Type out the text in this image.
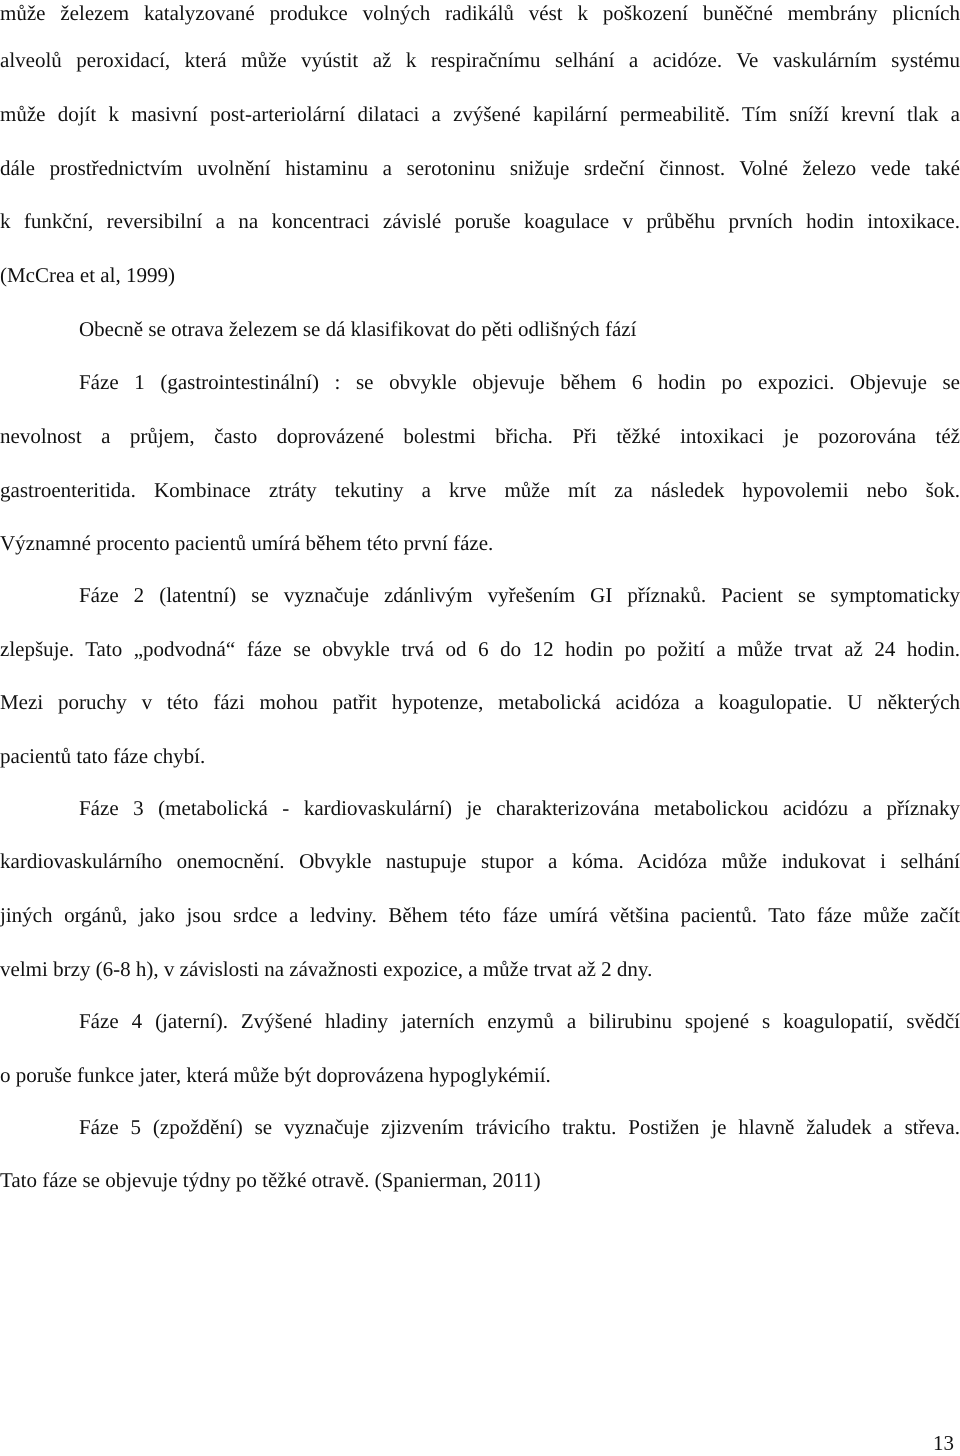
může železem katalyzované produkce volných radikálů vést k poškození buněčné membrány plicních
alveolů peroxidací, která může vyústit až k respiračnímu selhání a acidóze. Ve vaskulárním systému
může dojít k masivní post-arteriolární dilataci a zvýšené kapilární permeabilitě. Tím sníží krevní tlak a
dále prostřednictvím uvolnění histaminu a serotoninu snižuje srdeční činnost. Volné železo vede také
k funkční, reversibilní a na koncentraci závislé poruše koagulace v průběhu prvních hodin intoxikace.
(McCrea et al, 1999)
Obecně se otrava železem se dá klasifikovat do pěti odlišných fází
Fáze 1 (gastrointestinální) : se obvykle objevuje během 6 hodin po expozici. Objevuje se
nevolnost a průjem, často doprovázené bolestmi břicha. Při těžké intoxikaci je pozorována též
gastroenteritida. Kombinace ztráty tekutiny a krve může mít za následek hypovolemii nebo šok.
Významné procento pacientů umírá během této první fáze.
Fáze 2 (latentní) se vyznačuje zdánlivým vyřešením GI příznaků. Pacient se symptomaticky
zlepšuje. Tato „podvodná“ fáze se obvykle trvá od 6 do 12 hodin po požití a může trvat až 24 hodin.
Mezi poruchy v této fázi mohou patřit hypotenze, metabolická acidóza a koagulopatie. U některých
pacientů tato fáze chybí.
Fáze 3 (metabolická - kardiovaskulární) je charakterizována metabolickou acidózu a příznaky
kardiovaskulárního onemocnění. Obvykle nastupuje stupor a kóma. Acidóza může indukovat i selhání
jiných orgánů, jako jsou srdce a ledviny. Během této fáze umírá většina pacientů. Tato fáze může začít
velmi brzy (6-8 h), v závislosti na závažnosti expozice, a může trvat až 2 dny.
Fáze 4 (jaterní). Zvýšené hladiny jaterních enzymů a bilirubinu spojené s koagulopatií, svědčí
o poruše funkce jater, která může být doprovázena hypoglykémií.
Fáze 5 (zpoždění) se vyznačuje zjizvením trávicího traktu. Postižen je hlavně žaludek a střeva.
Tato fáze se objevuje týdny po těžké otravě. (Spanierman, 2011)
13
